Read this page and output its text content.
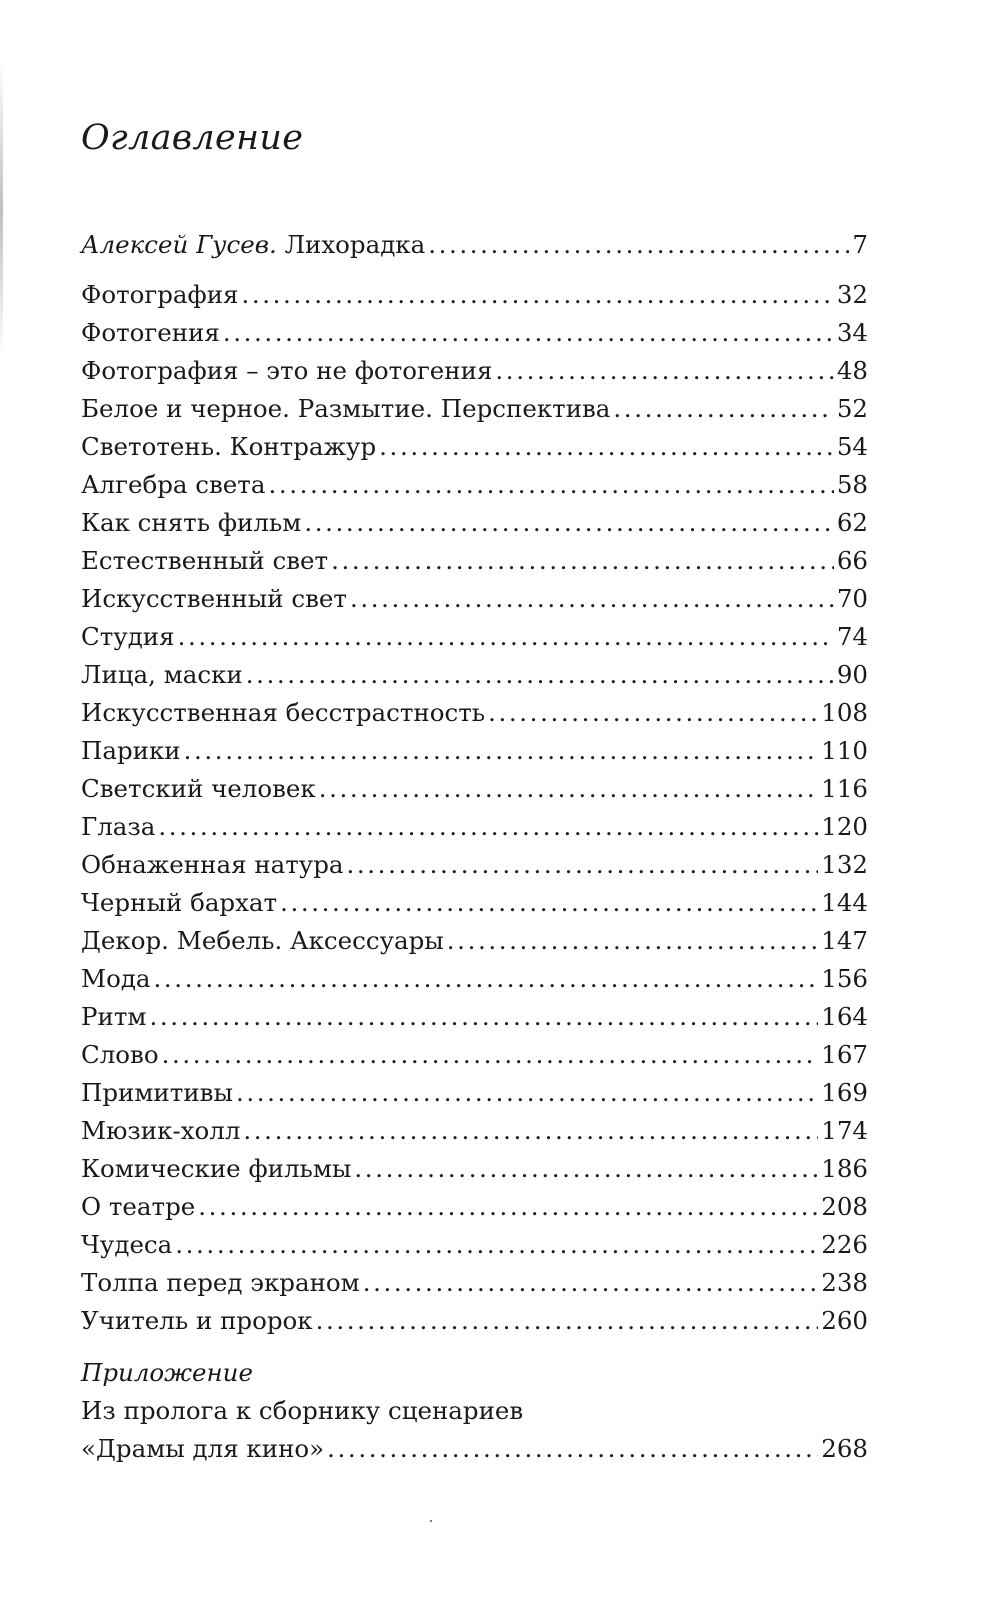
Оглавление
Алексей Гусев. Лихорадка .....	7
Фотография .....	32
Фотогения .....	34
Фотография – это не фотогения .....	48
Белое и черное. Размытие. Перспектива .....	52
Светотень. Контражур .....	54
Алгебра света .....	58
Как снять фильм .....	62
Естественный свет .....	66
Искусственный свет .....	70
Студия .....	74
Лица, маски .....	90
Искусственная бесстрастность .....	108
Парики .....	110
Светский человек .....	116
Глаза .....	120
Обнаженная натура .....	132
Черный бархат .....	144
Декор. Мебель. Аксессуары .....	147
Мода .....	156
Ритм .....	164
Слово .....	167
Примитивы .....	169
Мюзик-холл .....	174
Комические фильмы .....	186
О театре .....	208
Чудеса .....	226
Толпа перед экраном .....	238
Учитель и пророк .....	260
Приложение
Из пролога к сборнику сценариев
«Драмы для кино» .....	268
